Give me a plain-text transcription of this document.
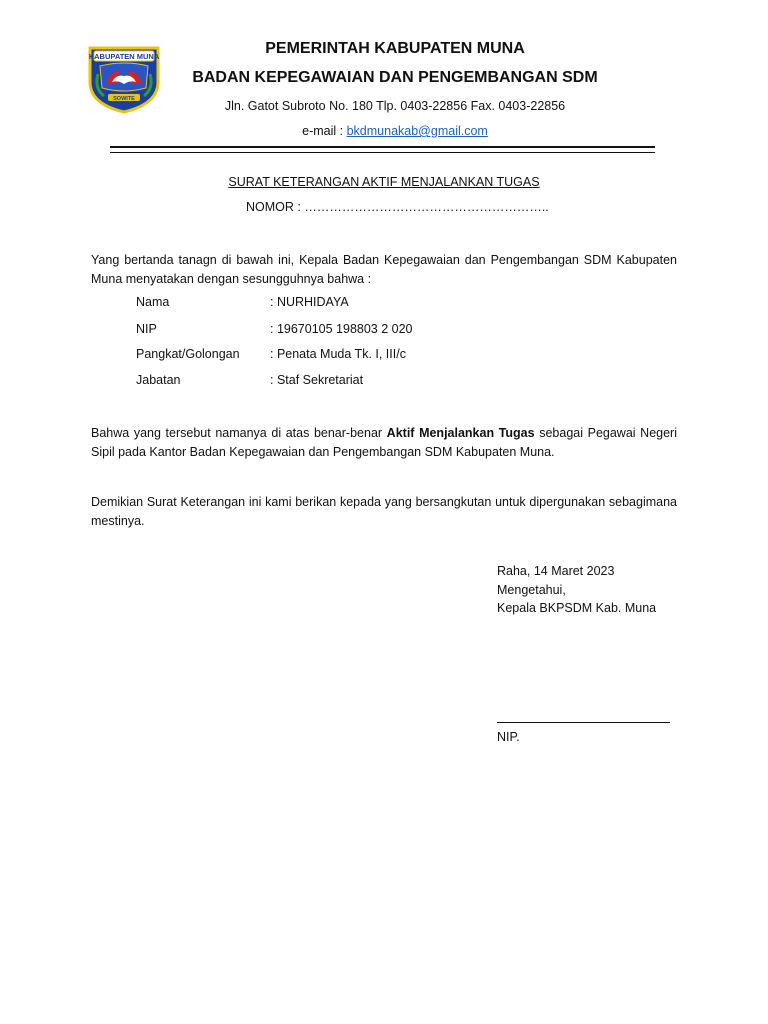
KABUPATEN MUNA
SOWITE
PEMERINTAH KABUPATEN MUNA
BADAN KEPEGAWAIAN DAN PENGEMBANGAN SDM
Jln. Gatot Subroto No. 180 Tlp. 0403-22856 Fax. 0403-22856
e-mail : bkdmunakab@gmail.com
SURAT KETERANGAN AKTIF MENJALANKAN TUGAS
NOMOR : …………………………………………………..
Yang bertanda tanagn di bawah ini, Kepala Badan Kepegawaian dan Pengembangan SDM Kabupaten Muna menyatakan dengan sesungguhnya bahwa :
Nama	: NURHIDAYA
NIP	: 19670105 198803 2 020
Pangkat/Golongan : Penata Muda Tk. I, III/c
Jabatan	: Staf Sekretariat
Bahwa yang tersebut namanya di atas benar-benar Aktif Menjalankan Tugas sebagai Pegawai Negeri Sipil pada Kantor Badan Kepegawaian dan Pengembangan SDM Kabupaten Muna.
Demikian Surat Keterangan ini kami berikan kepada yang bersangkutan untuk dipergunakan sebagimana mestinya.
Raha, 14 Maret 2023
Mengetahui,
Kepala BKPSDM Kab. Muna
NIP.
